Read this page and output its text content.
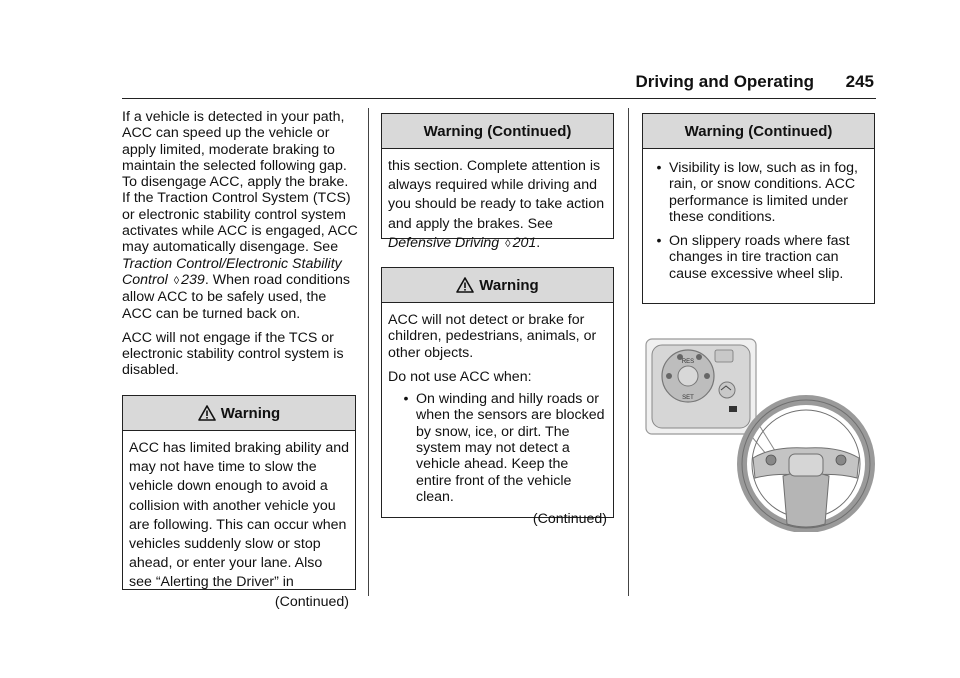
Driving and Operating 245

If a vehicle is detected in your path, ACC can speed up the vehicle or apply limited, moderate braking to maintain the selected following gap. To disengage ACC, apply the brake. If the Traction Control System (TCS) or electronic stability control system activates while ACC is engaged, ACC may automatically disengage. See Traction Control/Electronic Stability Control ◊ 239. When road conditions allow ACC to be safely used, the ACC can be turned back on.

ACC will not engage if the TCS or electronic stability control system is disabled.

Warning
ACC has limited braking ability and may not have time to slow the vehicle down enough to avoid a collision with another vehicle you are following. This can occur when vehicles suddenly slow or stop ahead, or enter your lane. Also see “Alerting the Driver” in
(Continued)
Warning (Continued)
this section. Complete attention is always required while driving and you should be ready to take action and apply the brakes. See Defensive Driving ◊ 201.
Warning
ACC will not detect or brake for children, pedestrians, animals, or other objects.
Do not use ACC when:
• On winding and hilly roads or when the sensors are blocked by snow, ice, or dirt. The system may not detect a vehicle ahead. Keep the entire front of the vehicle clean.
(Continued)
Warning (Continued)
• Visibility is low, such as in fog, rain, or snow conditions. ACC performance is limited under these conditions.
• On slippery roads where fast changes in tire traction can cause excessive wheel slip.
RES
SET
